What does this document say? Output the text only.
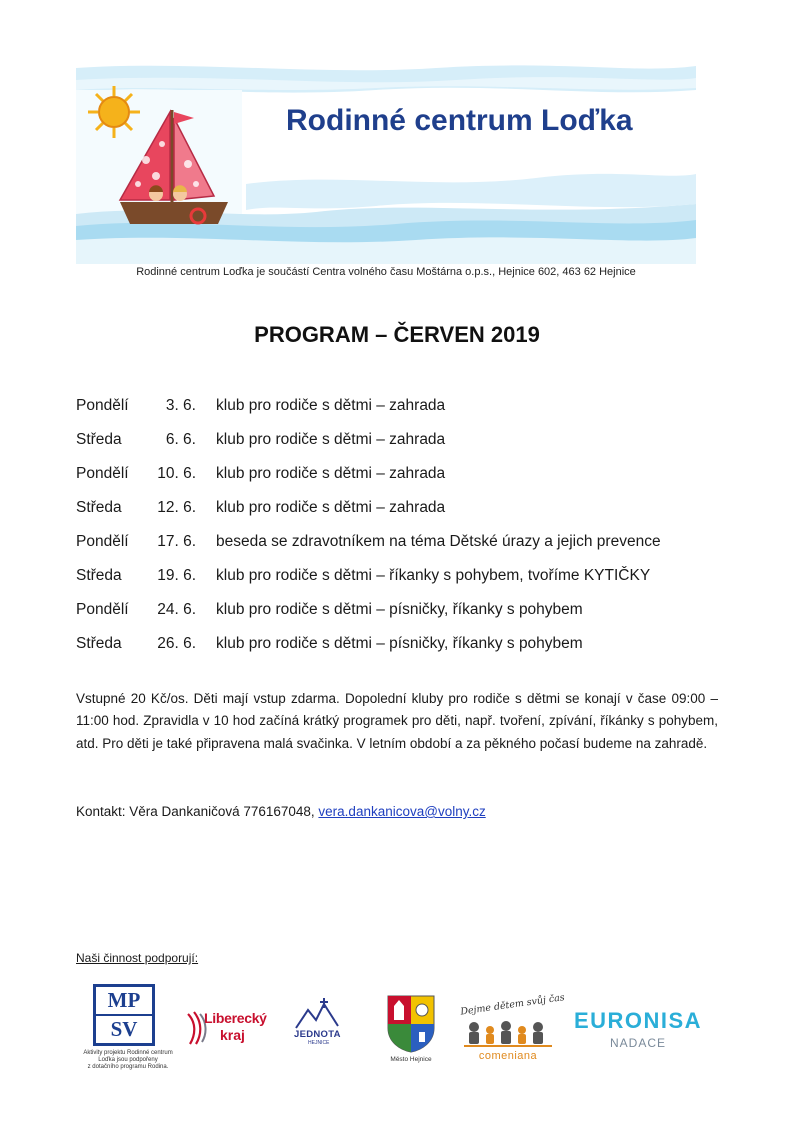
Rodinné centrum Loďka
Rodinné centrum Loďka je součástí Centra volného času Moštárna o.p.s., Hejnice 602, 463 62 Hejnice
PROGRAM – ČERVEN 2019
Pondělí	3. 6. klub pro rodiče s dětmi – zahrada
Středa	6. 6. klub pro rodiče s dětmi – zahrada
Pondělí	10. 6. klub pro rodiče s dětmi – zahrada
Středa	12. 6. klub pro rodiče s dětmi – zahrada
Pondělí	17. 6. beseda se zdravotníkem na téma Dětské úrazy a jejich prevence
Středa	19. 6. klub pro rodiče s dětmi – říkanky s pohybem, tvoříme KYTIČKY
Pondělí	24. 6. klub pro rodiče s dětmi – písničky, říkanky s pohybem
Středa	26. 6. klub pro rodiče s dětmi – písničky, říkanky s pohybem

Vstupné 20 Kč/os. Děti mají vstup zdarma. Dopolední kluby pro rodiče s dětmi se konají v čase 09:00 – 11:00 hod. Zpravidla v 10 hod začíná krátký programek pro děti, např. tvoření, zpívání, říkánky s pohybem, atd. Pro děti je také připravena malá svačinka. V letním období a za pěkného počasí budeme na zahradě.

Kontakt: Věra Dankaničová 776167048, vera.dankanicova@volny.cz
Naši činnost podporují:
MP
SV
Aktivity projektu Rodinné centrum
Loďka jsou podpořeny
z dotačního programu Rodina.
Liberecký
kraj	JEDNOTA
HEJNICE
Město Hejnice
Dejme dětem svůj čas
comeniana
EURONISA
NADACE
